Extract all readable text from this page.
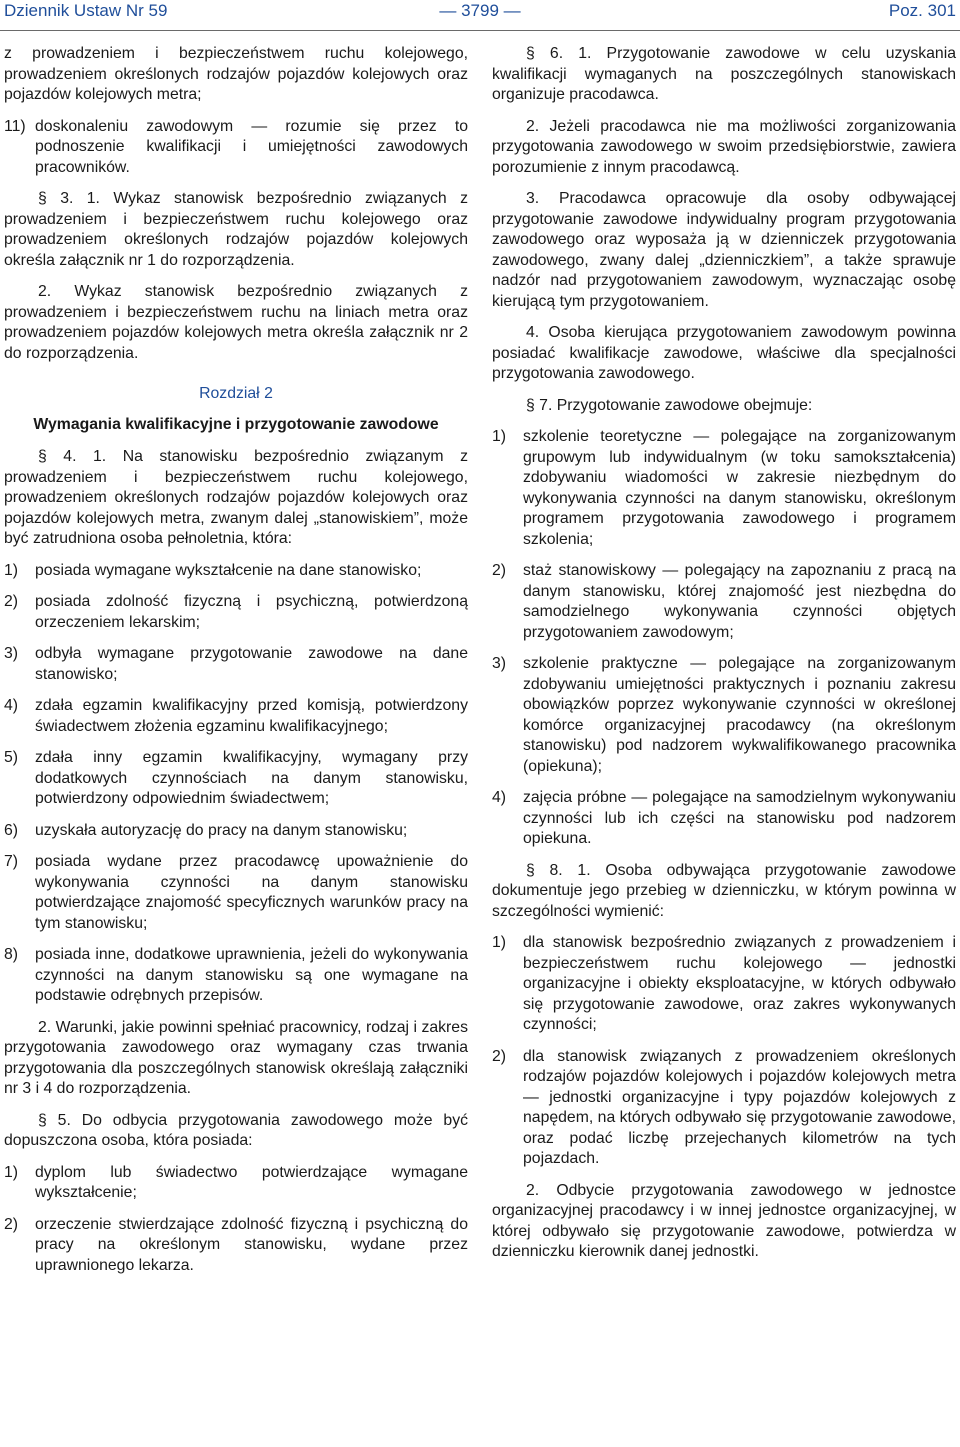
Dziennik Ustaw Nr 59	— 3799 —	Poz. 301

z prowadzeniem i bezpieczeństwem ruchu kolejowego, prowadzeniem określonych rodzajów pojazdów kolejowych oraz pojazdów kolejowych metra;

11) doskonaleniu zawodowym — rozumie się przez to podnoszenie kwalifikacji i umiejętności zawodowych pracowników.

§ 3. 1. Wykaz stanowisk bezpośrednio związanych z prowadzeniem i bezpieczeństwem ruchu kolejowego oraz prowadzeniem określonych rodzajów pojazdów kolejowych określa załącznik nr 1 do rozporządzenia.

2. Wykaz stanowisk bezpośrednio związanych z prowadzeniem i bezpieczeństwem ruchu na liniach metra oraz prowadzeniem pojazdów kolejowych metra określa załącznik nr 2 do rozporządzenia.

Rozdział 2

Wymagania kwalifikacyjne i przygotowanie zawodowe

§ 4. 1. Na stanowisku bezpośrednio związanym z prowadzeniem i bezpieczeństwem ruchu kolejowego, prowadzeniem określonych rodzajów pojazdów kolejowych oraz pojazdów kolejowych metra, zwanym dalej „stanowiskiem”, może być zatrudniona osoba pełnoletnia, która:

1) posiada wymagane wykształcenie na dane stanowisko;
2) posiada zdolność fizyczną i psychiczną, potwierdzoną orzeczeniem lekarskim;
3) odbyła wymagane przygotowanie zawodowe na dane stanowisko;
4) zdała egzamin kwalifikacyjny przed komisją, potwierdzony świadectwem złożenia egzaminu kwalifikacyjnego;
5) zdała inny egzamin kwalifikacyjny, wymagany przy dodatkowych czynnościach na danym stanowisku, potwierdzony odpowiednim świadectwem;
6) uzyskała autoryzację do pracy na danym stanowisku;
7) posiada wydane przez pracodawcę upoważnienie do wykonywania czynności na danym stanowisku potwierdzające znajomość specyficznych warunków pracy na tym stanowisku;
8) posiada inne, dodatkowe uprawnienia, jeżeli do wykonywania czynności na danym stanowisku są one wymagane na podstawie odrębnych przepisów.

2. Warunki, jakie powinni spełniać pracownicy, rodzaj i zakres przygotowania zawodowego oraz wymagany czas trwania przygotowania dla poszczególnych stanowisk określają załączniki nr 3 i 4 do rozporządzenia.

§ 5. Do odbycia przygotowania zawodowego może być dopuszczona osoba, która posiada:

1) dyplom lub świadectwo potwierdzające wymagane wykształcenie;
2) orzeczenie stwierdzające zdolność fizyczną i psychiczną do pracy na określonym stanowisku, wydane przez uprawnionego lekarza.

§ 6. 1. Przygotowanie zawodowe w celu uzyskania kwalifikacji wymaganych na poszczególnych stanowiskach organizuje pracodawca.

2. Jeżeli pracodawca nie ma możliwości zorganizowania przygotowania zawodowego w swoim przedsiębiorstwie, zawiera porozumienie z innym pracodawcą.

3. Pracodawca opracowuje dla osoby odbywającej przygotowanie zawodowe indywidualny program przygotowania zawodowego oraz wyposaża ją w dzienniczek przygotowania zawodowego, zwany dalej „dzienniczkiem”, a także sprawuje nadzór nad przygotowaniem zawodowym, wyznaczając osobę kierującą tym przygotowaniem.

4. Osoba kierująca przygotowaniem zawodowym powinna posiadać kwalifikacje zawodowe, właściwe dla specjalności przygotowania zawodowego.

§ 7. Przygotowanie zawodowe obejmuje:

1) szkolenie teoretyczne — polegające na zorganizowanym grupowym lub indywidualnym (w toku samokształcenia) zdobywaniu wiadomości w zakresie niezbędnym do wykonywania czynności na danym stanowisku, określonym programem przygotowania zawodowego i programem szkolenia;
2) staż stanowiskowy — polegający na zapoznaniu z pracą na danym stanowisku, której znajomość jest niezbędna do samodzielnego wykonywania czynności objętych przygotowaniem zawodowym;
3) szkolenie praktyczne — polegające na zorganizowanym zdobywaniu umiejętności praktycznych i poznaniu zakresu obowiązków poprzez wykonywanie czynności w określonej komórce organizacyjnej pracodawcy (na określonym stanowisku) pod nadzorem wykwalifikowanego pracownika (opiekuna);
4) zajęcia próbne — polegające na samodzielnym wykonywaniu czynności lub ich części na stanowisku pod nadzorem opiekuna.

§ 8. 1. Osoba odbywająca przygotowanie zawodowe dokumentuje jego przebieg w dzienniczku, w którym powinna w szczególności wymienić:

1) dla stanowisk bezpośrednio związanych z prowadzeniem i bezpieczeństwem ruchu kolejowego — jednostki organizacyjne i obiekty eksploatacyjne, w których odbywało się przygotowanie zawodowe, oraz zakres wykonywanych czynności;
2) dla stanowisk związanych z prowadzeniem określonych rodzajów pojazdów kolejowych i pojazdów kolejowych metra — jednostki organizacyjne i typy pojazdów kolejowych z napędem, na których odbywało się przygotowanie zawodowe, oraz podać liczbę przejechanych kilometrów na tych pojazdach.

2. Odbycie przygotowania zawodowego w jednostce organizacyjnej pracodawcy i w innej jednostce organizacyjnej, w której odbywało się przygotowanie zawodowe, potwierdza w dzienniczku kierownik danej jednostki.
